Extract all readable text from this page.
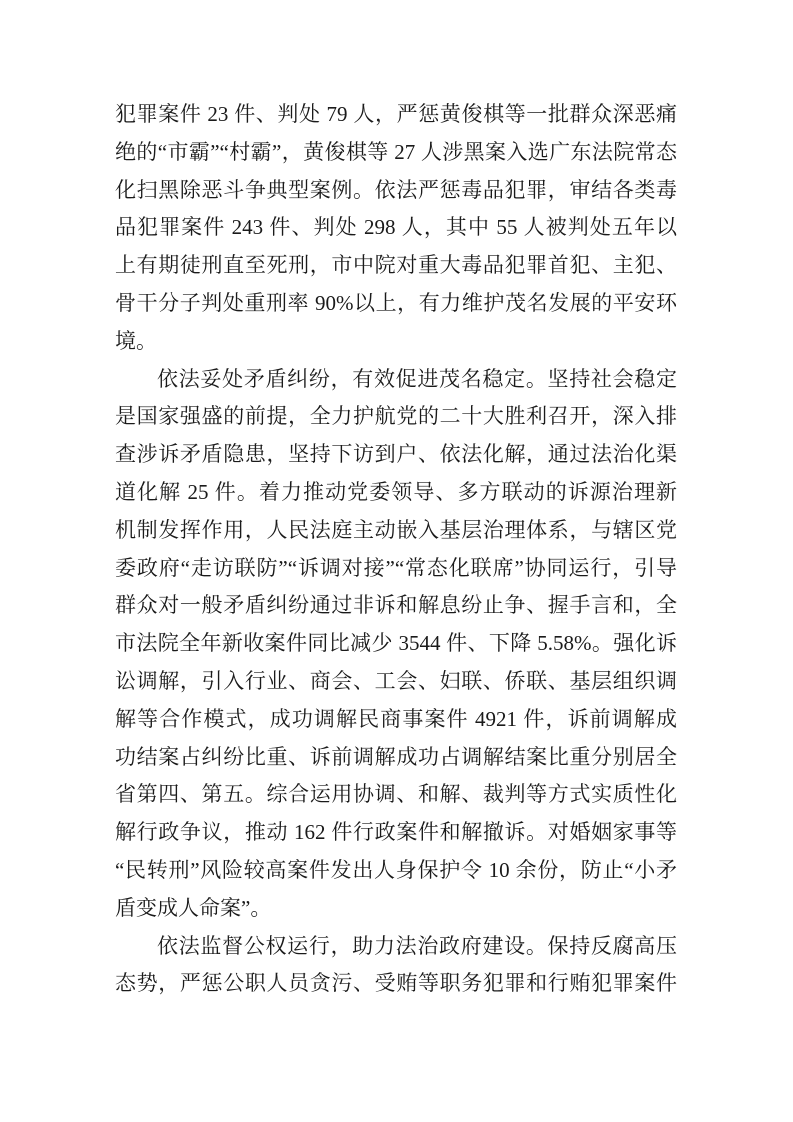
犯罪案件 23 件、判处 79 人，严惩黄俊棋等一批群众深恶痛
绝的“市霸”“村霸”，黄俊棋等 27 人涉黑案入选广东法院常态
化扫黑除恶斗争典型案例。依法严惩毒品犯罪，审结各类毒
品犯罪案件 243 件、判处 298 人，其中 55 人被判处五年以
上有期徒刑直至死刑，市中院对重大毒品犯罪首犯、主犯、
骨干分子判处重刑率 90%以上，有力维护茂名发展的平安环
境。
依法妥处矛盾纠纷，有效促进茂名稳定。坚持社会稳定
是国家强盛的前提，全力护航党的二十大胜利召开，深入排
查涉诉矛盾隐患，坚持下访到户、依法化解，通过法治化渠
道化解 25 件。着力推动党委领导、多方联动的诉源治理新
机制发挥作用，人民法庭主动嵌入基层治理体系，与辖区党
委政府“走访联防”“诉调对接”“常态化联席”协同运行，引导
群众对一般矛盾纠纷通过非诉和解息纷止争、握手言和，全
市法院全年新收案件同比减少 3544 件、下降 5.58%。强化诉
讼调解，引入行业、商会、工会、妇联、侨联、基层组织调
解等合作模式，成功调解民商事案件 4921 件，诉前调解成
功结案占纠纷比重、诉前调解成功占调解结案比重分别居全
省第四、第五。综合运用协调、和解、裁判等方式实质性化
解行政争议，推动 162 件行政案件和解撤诉。对婚姻家事等
“民转刑”风险较高案件发出人身保护令 10 余份，防止“小矛
盾变成人命案”。
依法监督公权运行，助力法治政府建设。保持反腐高压
态势，严惩公职人员贪污、受贿等职务犯罪和行贿犯罪案件
